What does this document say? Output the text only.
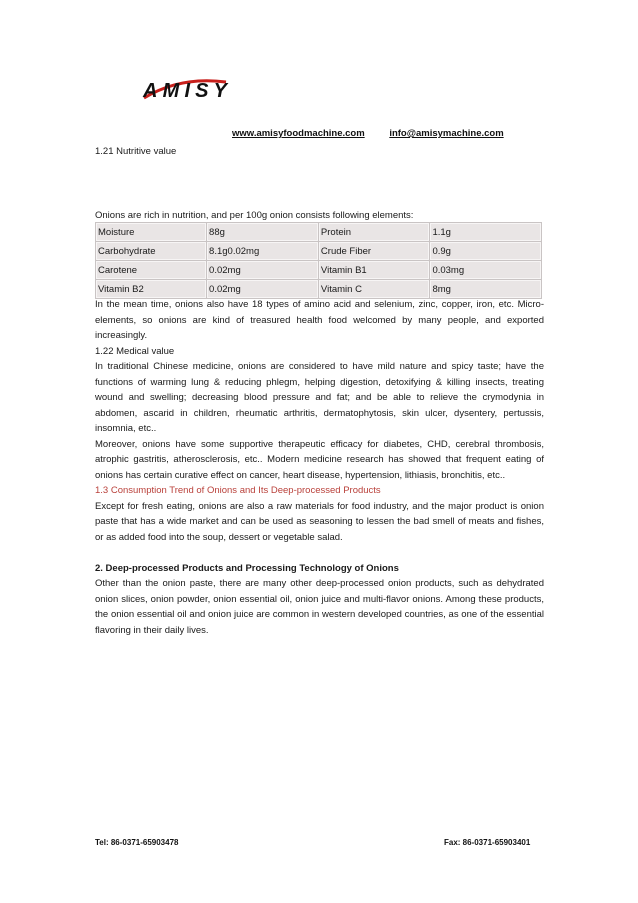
AMISY
www.amisyfoodmachine.com	info@amisymachine.com
1.21 Nutritive value
Onions are rich in nutrition, and per 100g onion consists following elements:
Moisture	88g	Protein	1.1g
Carbohydrate	8.1g0.02mg	Crude Fiber	0.9g
Carotene	0.02mg	Vitamin B1	0.03mg
Vitamin B2	0.02mg	Vitamin C	8mg

In the mean time, onions also have 18 types of amino acid and selenium, zinc, copper, iron, etc. Micro-elements, so onions are kind of treasured health food welcomed by many people, and exported increasingly.

1.22 Medical value

In traditional Chinese medicine, onions are considered to have mild nature and spicy taste; have the functions of warming lung & reducing phlegm, helping digestion, detoxifying & killing insects, treating wound and swelling; decreasing blood pressure and fat; and be able to relieve the crymodynia in abdomen, ascarid in children, rheumatic arthritis, dermatophytosis, skin ulcer, dysentery, pertussis, insomnia, etc..

Moreover, onions have some supportive therapeutic efficacy for diabetes, CHD, cerebral thrombosis, atrophic gastritis, atherosclerosis, etc.. Modern medicine research has showed that frequent eating of onions has certain curative effect on cancer, heart disease, hypertension, lithiasis, bronchitis, etc..

1.3 Consumption Trend of Onions and Its Deep-processed Products

Except for fresh eating, onions are also a raw materials for food industry, and the major product is onion paste that has a wide market and can be used as seasoning to lessen the bad smell of meats and fishes, or as added food into the soup, dessert or vegetable salad.

2. Deep-processed Products and Processing Technology of Onions

Other than the onion paste, there are many other deep-processed onion products, such as dehydrated onion slices, onion powder, onion essential oil, onion juice and multi-flavor onions. Among these products, the onion essential oil and onion juice are common in western developed countries, as one of the essential flavoring in their daily lives.

Tel: 86-0371-65903478	Fax: 86-0371-65903401
